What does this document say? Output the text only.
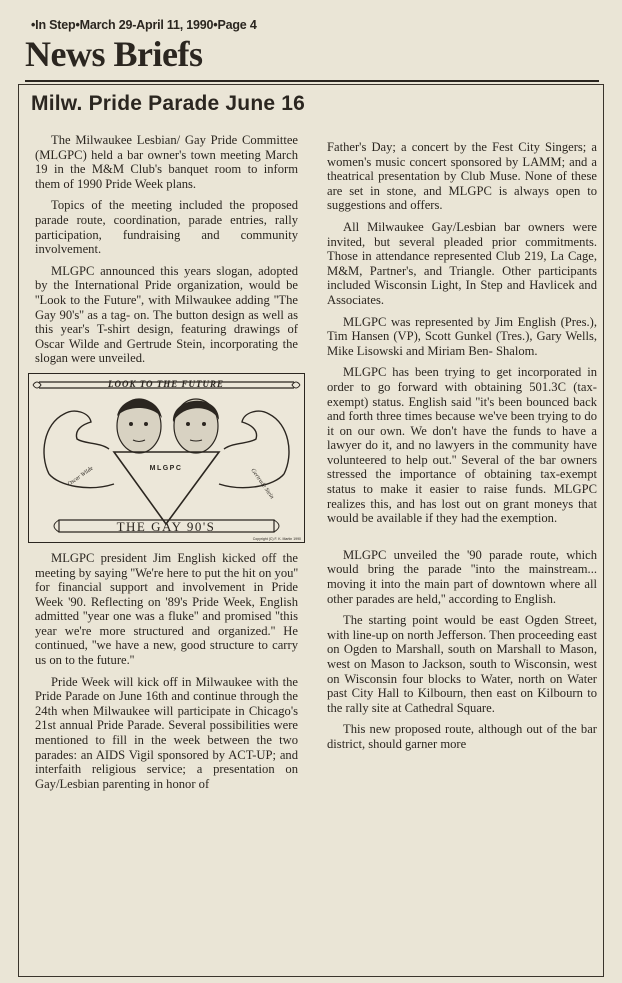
•In Step•March 29-April 11, 1990•Page 4
News Briefs
Milw. Pride Parade June 16

The Milwaukee Lesbian/ Gay Pride Committee (MLGPC) held a bar owner's town meeting March 19 in the M&M Club's banquet room to inform them of 1990 Pride Week plans.

Topics of the meeting included the proposed parade route, coordination, parade entries, rally participation, fundraising and community involvement.

MLGPC announced this years slogan, adopted by the International Pride organization, would be ''Look to the Future'', with Milwaukee adding ''The Gay 90's'' as a tag- on. The button design as well as this year's T-shirt design, featuring drawings of Oscar Wilde and Gertrude Stein, incorporating the slogan were unveiled.

LOOK TO THE FUTURE
MLGPC
Oscar Wilde	Gertrude Stein
THE GAY 90'S
Copyright (C) F. K. Martin 1990

MLGPC president Jim English kicked off the meeting by saying ''We're here to put the hit on you'' for financial support and involvement in Pride Week '90. Reflecting on '89's Pride Week, English admitted ''year one was a fluke'' and promised ''this year we're more structured and organized.'' He continued, ''we have a new, good structure to carry us on to the future.''

Pride Week will kick off in Milwaukee with the Pride Parade on June 16th and continue through the 24th when Milwaukee will participate in Chicago's 21st annual Pride Parade. Several possibilities were mentioned to fill in the week between the two parades: an AIDS Vigil sponsored by ACT-UP; and interfaith religious service; a presentation on Gay/Lesbian parenting in honor of

Father's Day; a concert by the Fest City Singers; a women's music concert sponsored by LAMM; and a theatrical presentation by Club Muse. None of these are set in stone, and MLGPC is always open to suggestions and offers.

All Milwaukee Gay/Lesbian bar owners were invited, but several pleaded prior commitments. Those in attendance represented Club 219, La Cage, M&M, Partner's, and Triangle. Other participants included Wisconsin Light, In Step and Havlicek and Associates.

MLGPC was represented by Jim English (Pres.), Tim Hansen (VP), Scott Gunkel (Tres.), Gary Wells, Mike Lisowski and Miriam Ben- Shalom.

MLGPC has been trying to get incorporated in order to go forward with obtaining 501.3C (tax-exempt) status. English said ''it's been bounced back and forth three times because we've been trying to do it on our own. We don't have the funds to have a lawyer do it, and no lawyers in the community have volunteered to help out.'' Several of the bar owners stressed the importance of obtaining tax-exempt status to make it easier to raise funds. MLGPC realizes this, and has lost out on grant moneys that would be available if they had the exemption.

MLGPC unveiled the '90 parade route, which would bring the parade ''into the mainstream... moving it into the main part of downtown where all other parades are held,'' according to English.

The starting point would be east Ogden Street, with line-up on north Jefferson. Then proceeding east on Ogden to Marshall, south on Marshall to Mason, west on Mason to Jackson, south to Wisconsin, west on Wisconsin four blocks to Water, north on Water past City Hall to Kilbourn, then east on Kilbourn to the rally site at Cathedral Square.

This new proposed route, although out of the bar district, should garner more
